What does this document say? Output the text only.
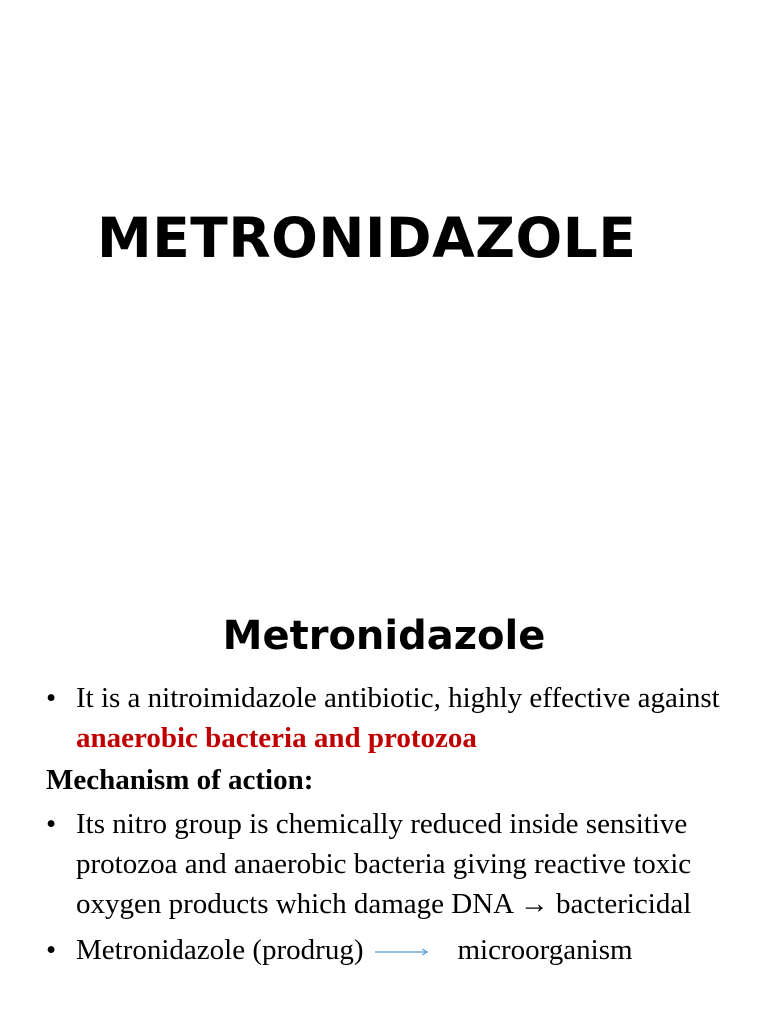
METRONIDAZOLE
Metronidazole
• It is a nitroimidazole antibiotic, highly effective against anaerobic bacteria and protozoa
Mechanism of action:
• Its nitro group is chemically reduced inside sensitive protozoa and anaerobic bacteria giving reactive toxic oxygen products which damage DNA → bactericidal
• Metronidazole (prodrug)	microorganism
